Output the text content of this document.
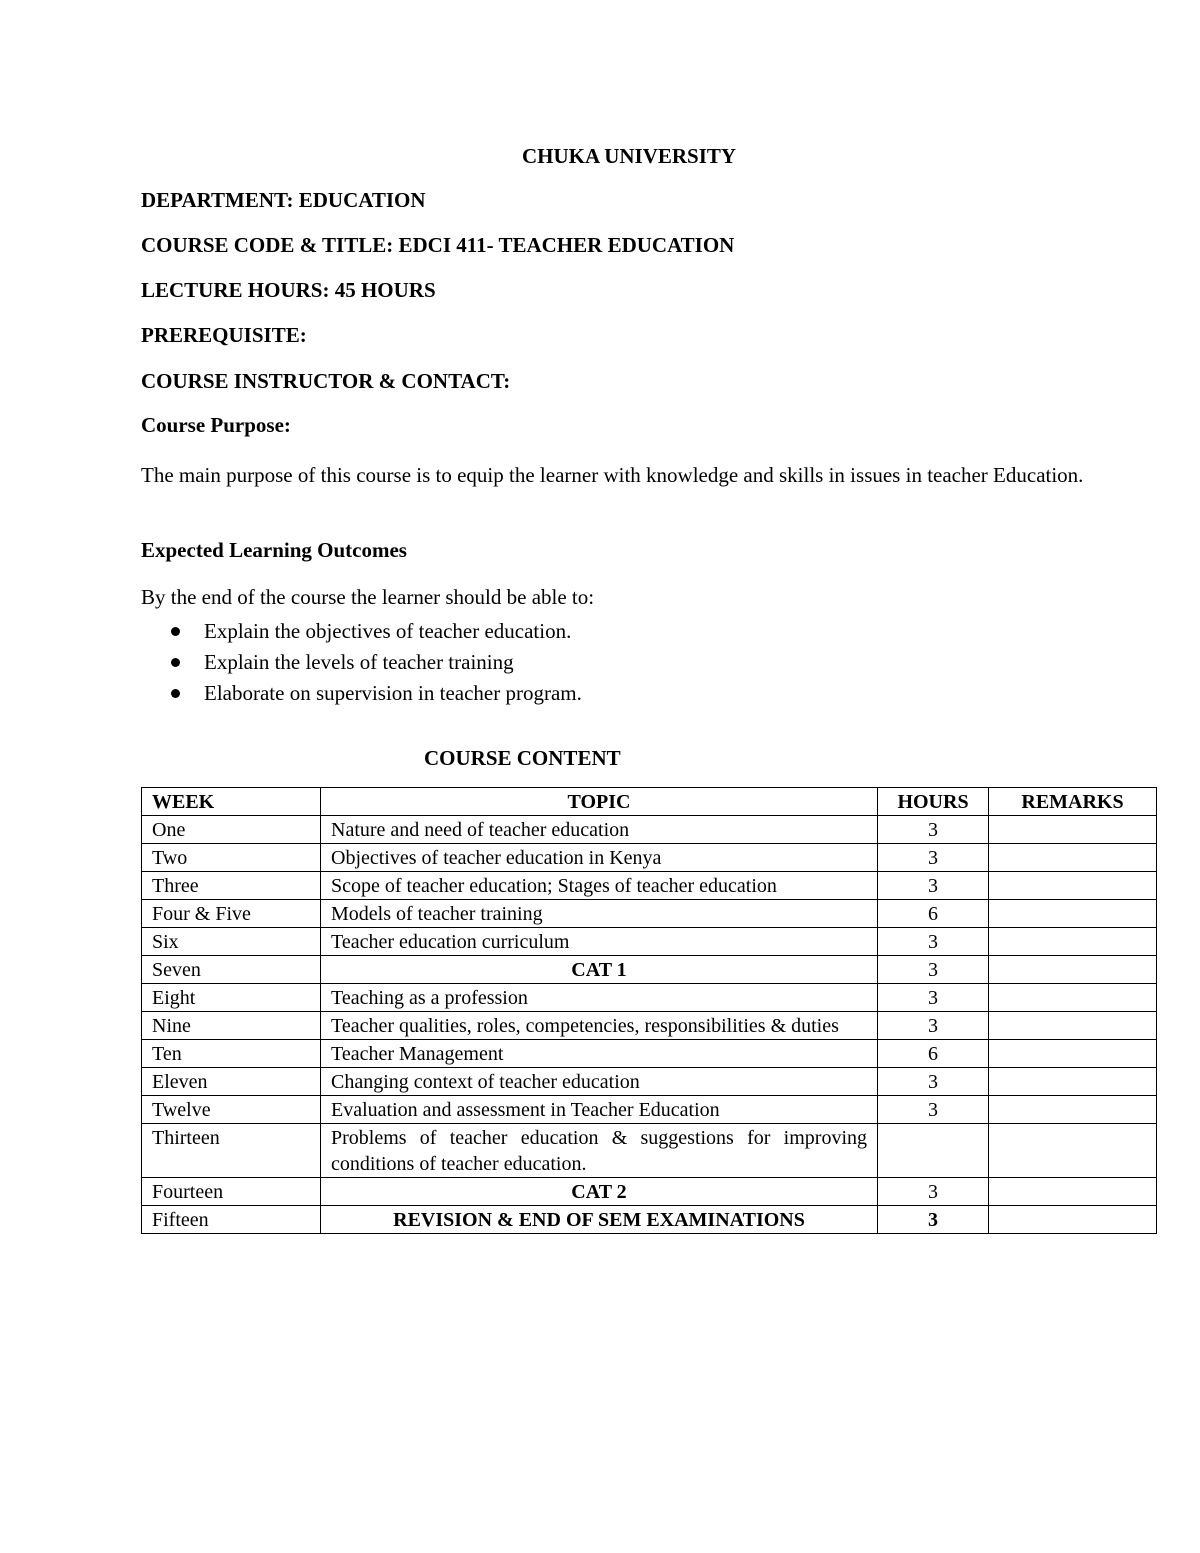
CHUKA UNIVERSITY
DEPARTMENT: EDUCATION
COURSE CODE & TITLE: EDCI 411- TEACHER EDUCATION
LECTURE HOURS: 45 HOURS
PREREQUISITE:
COURSE INSTRUCTOR & CONTACT:
Course Purpose:
The main purpose of this course is to equip the learner with knowledge and skills in issues in teacher Education.
Expected Learning Outcomes
By the end of the course the learner should be able to:
Explain the objectives of teacher education.
Explain the levels of teacher training
Elaborate on supervision in teacher program.
COURSE CONTENT
WEEK	TOPIC	HOURS	REMARKS
One	Nature and need of teacher education	3	
Two	Objectives of teacher education in Kenya	3	
Three	Scope of teacher education; Stages of teacher education	3	
Four & Five	Models of teacher training	6	
Six	Teacher education curriculum	3	
Seven	CAT 1	3	
Eight	Teaching as a profession	3	
Nine	Teacher qualities, roles, competencies, responsibilities & duties	3	
Ten	Teacher Management	6	
Eleven	Changing context of teacher education	3	
Twelve	Evaluation and assessment in Teacher Education	3	
Thirteen	Problems of teacher education & suggestions for improving conditions of teacher education.		
Fourteen	CAT 2	3	
Fifteen	REVISION & END OF SEM EXAMINATIONS	3	
